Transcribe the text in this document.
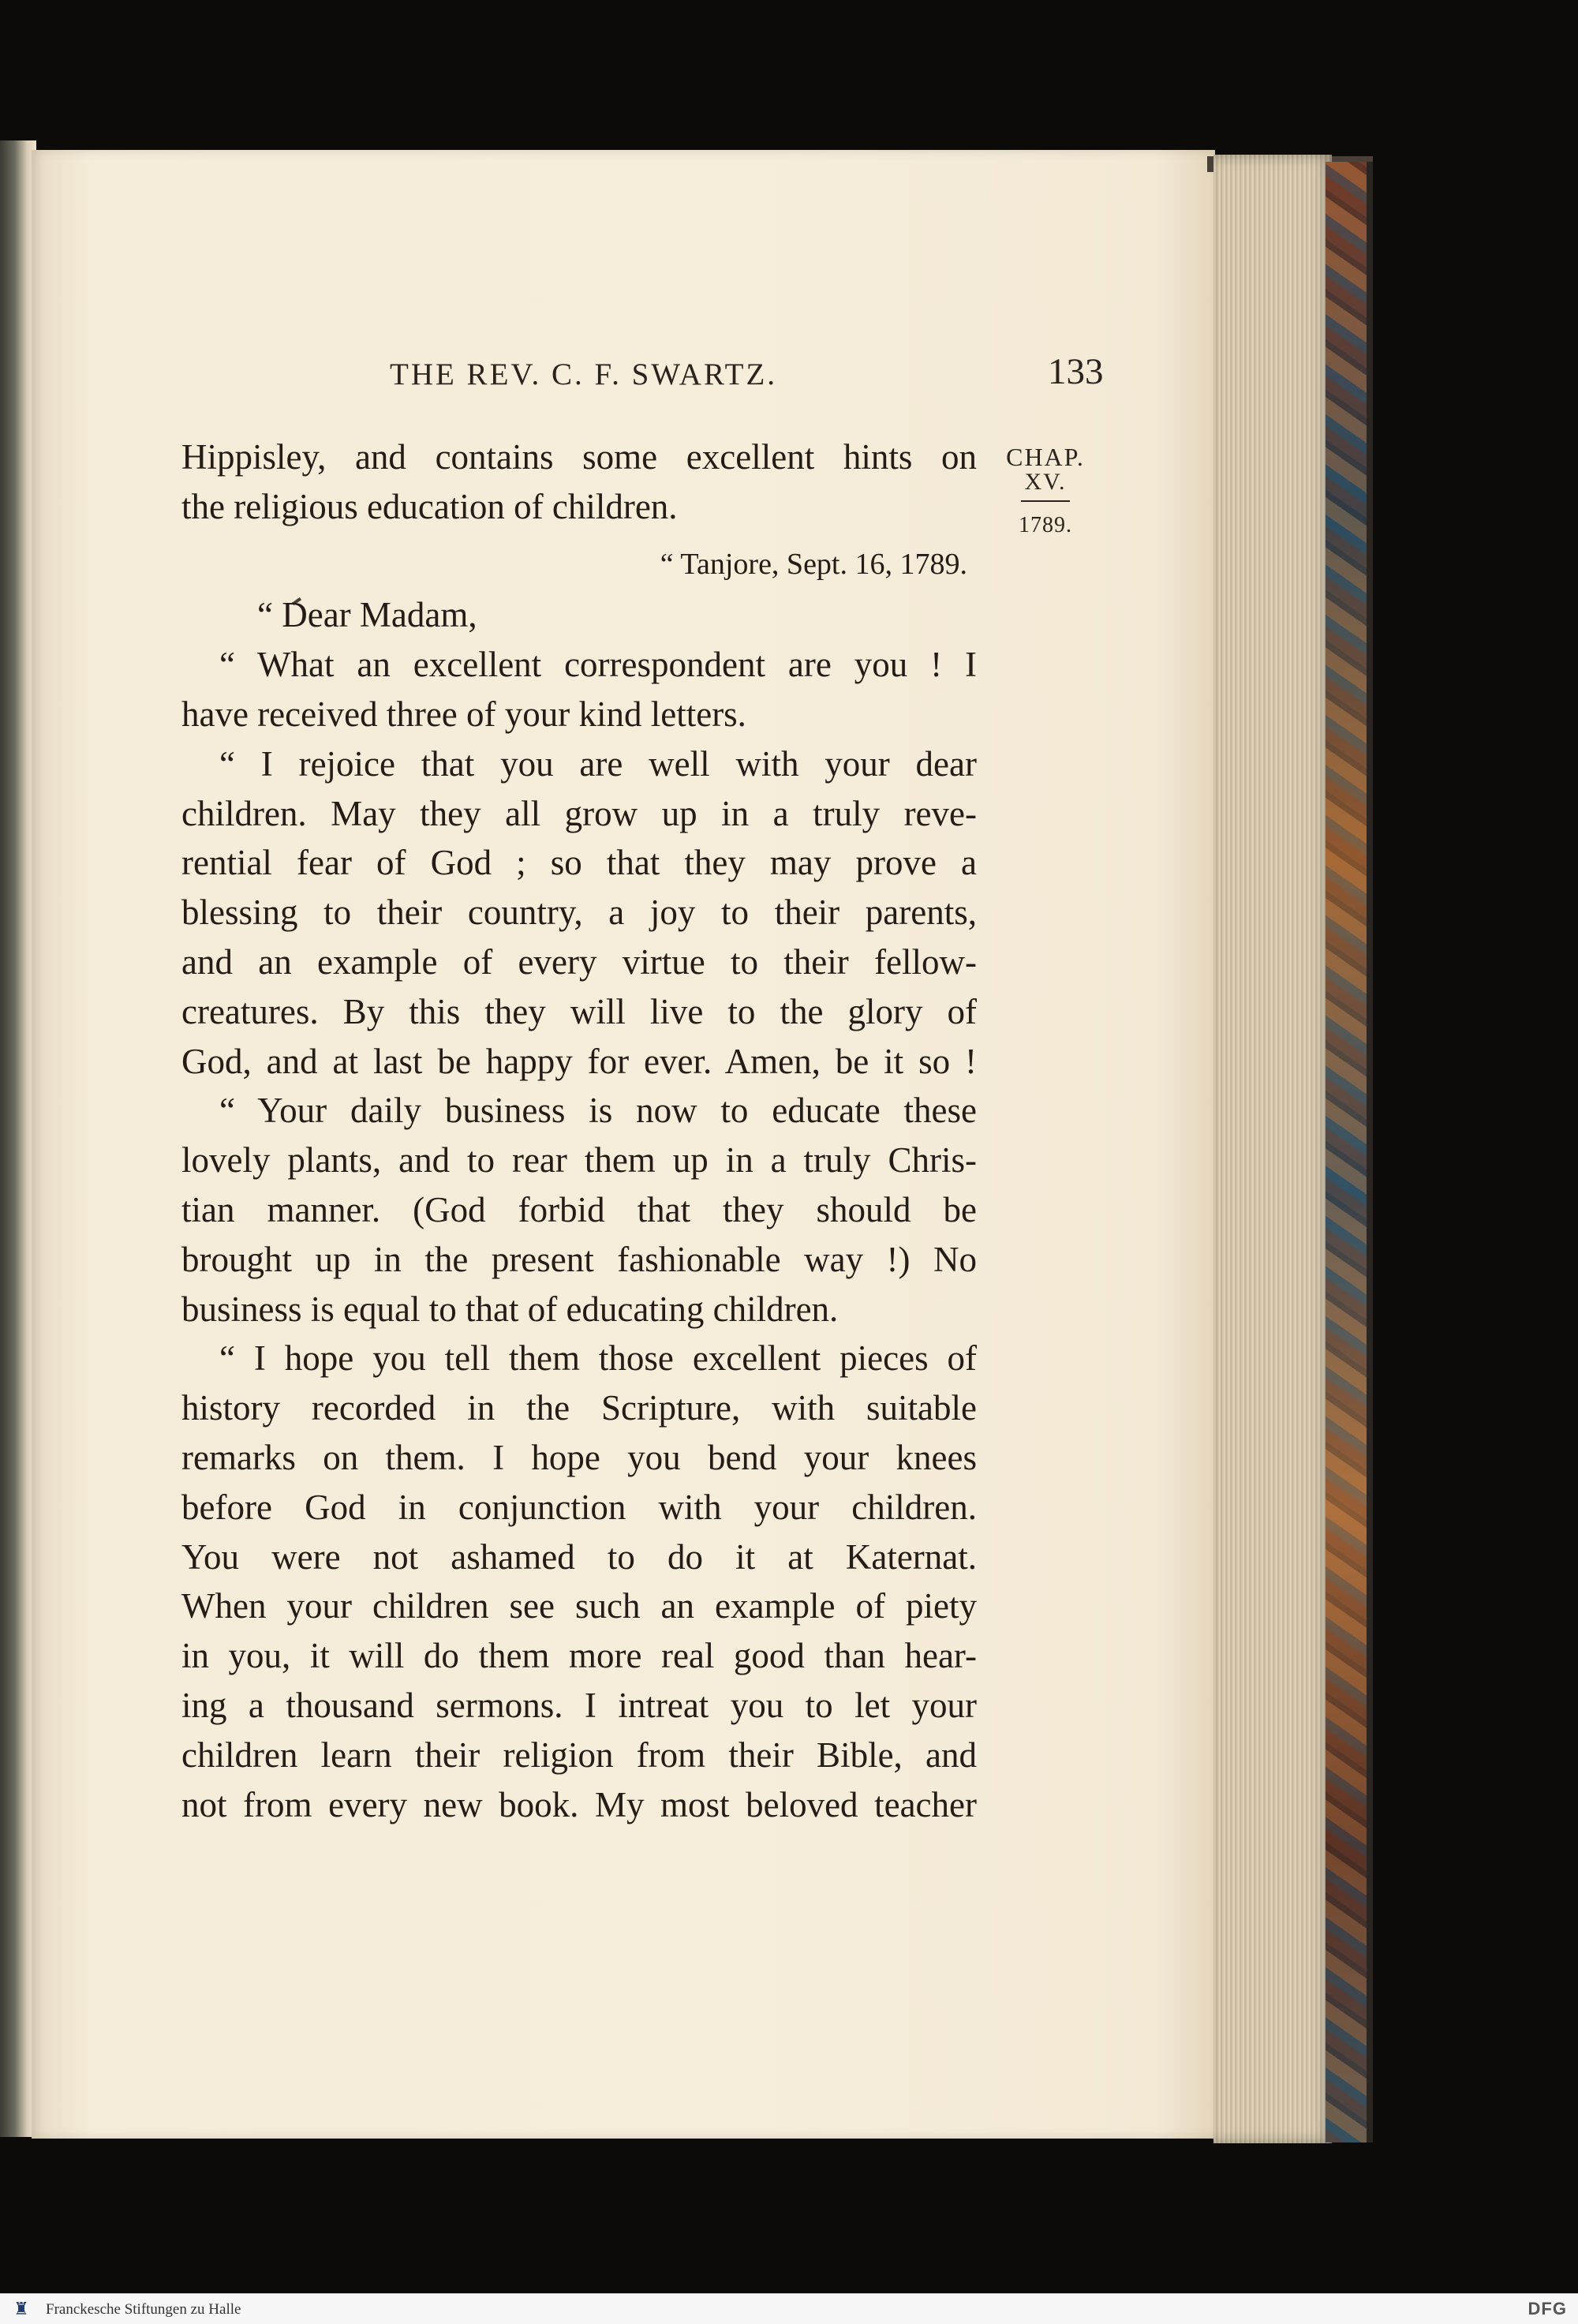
THE REV. C. F. SWARTZ.	133
CHAP.
XV.
1789.
Hippisley, and contains some excellent hints on
the religious education of children.
“ Tanjore, Sept. 16, 1789.
“ Dear Madam,
“ What an excellent correspondent are you ! I
have received three of your kind letters.
“ I rejoice that you are well with your dear
children. May they all grow up in a truly reve-
rential fear of God ; so that they may prove a
blessing to their country, a joy to their parents,
and an example of every virtue to their fellow-
creatures. By this they will live to the glory of
God, and at last be happy for ever. Amen, be it so !
“ Your daily business is now to educate these
lovely plants, and to rear them up in a truly Chris-
tian manner. (God forbid that they should be
brought up in the present fashionable way !) No
business is equal to that of educating children.
“ I hope you tell them those excellent pieces of
history recorded in the Scripture, with suitable
remarks on them. I hope you bend your knees
before God in conjunction with your children.
You were not ashamed to do it at Katernat.
When your children see such an example of piety
in you, it will do them more real good than hear-
ing a thousand sermons. I intreat you to let your
children learn their religion from their Bible, and
not from every new book. My most beloved teacher
♜ Franckesche Stiftungen zu Halle	DFG
